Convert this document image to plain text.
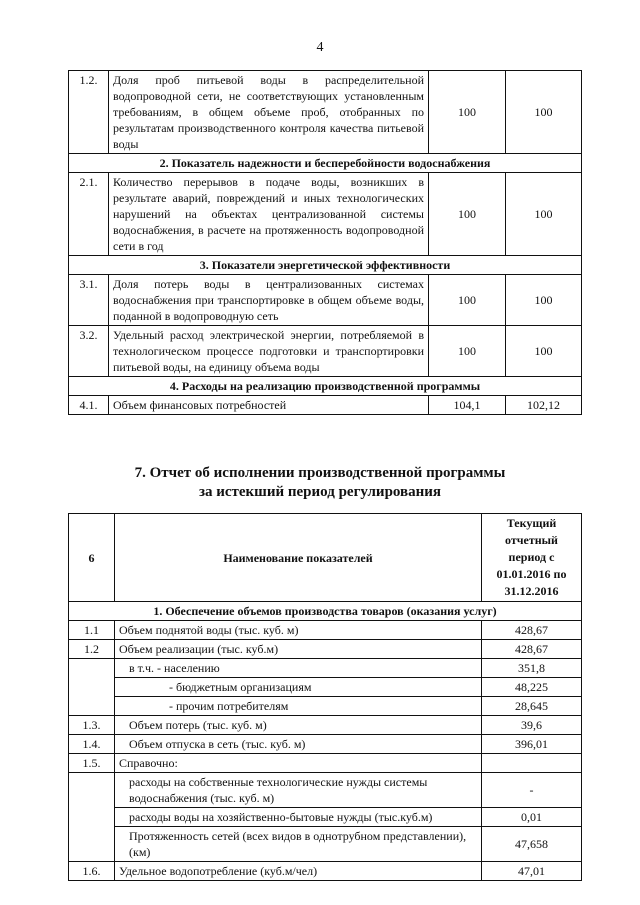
4
1.2.	Доля проб питьевой воды в распределительной водопроводной сети, не соответствующих установленным требованиям, в общем объеме проб, отобранных по результатам производственного контроля качества питьевой воды	100	100
2. Показатель надежности и бесперебойности водоснабжения			
2.1.	Количество перерывов в подаче воды, возникших в результате аварий, повреждений и иных технологических нарушений на объектах централизованной системы водоснабжения, в расчете на протяженность водопроводной сети в год	100	100
3. Показатели энергетической эффективности			
3.1.	Доля потерь воды в централизованных системах водоснабжения при транспортировке в общем объеме воды, поданной в водопроводную сеть	100	100
3.2.	Удельный расход электрической энергии, потребляемой в технологическом процессе подготовки и транспортировки питьевой воды, на единицу объема воды	100	100
4. Расходы на реализацию производственной программы			
4.1.	Объем финансовых потребностей	104,1	102,12
7. Отчет об исполнении производственной программы
за истекший период регулирования
6	Наименование показателей	Текущий отчетный период с 01.01.2016 по 31.12.2016
1. Обеспечение объемов производства товаров (оказания услуг)		
1.1	Объем поднятой воды (тыс. куб. м)	428,67
1.2	Объем реализации (тыс. куб.м)	428,67
	в т.ч. - населению	351,8
	- бюджетным организациям	48,225
	- прочим потребителям	28,645
1.3.	Объем потерь (тыс. куб. м)	39,6
1.4.	Объем отпуска в сеть (тыс. куб. м)	396,01
1.5.	Справочно:	
	расходы на собственные технологические нужды системы водоснабжения (тыс. куб. м)	-
	расходы воды на хозяйственно-бытовые нужды (тыс.куб.м)	0,01
	Протяженность сетей (всех видов в однотрубном представлении), (км)	47,658
1.6.	Удельное водопотребление (куб.м/чел)	47,01
